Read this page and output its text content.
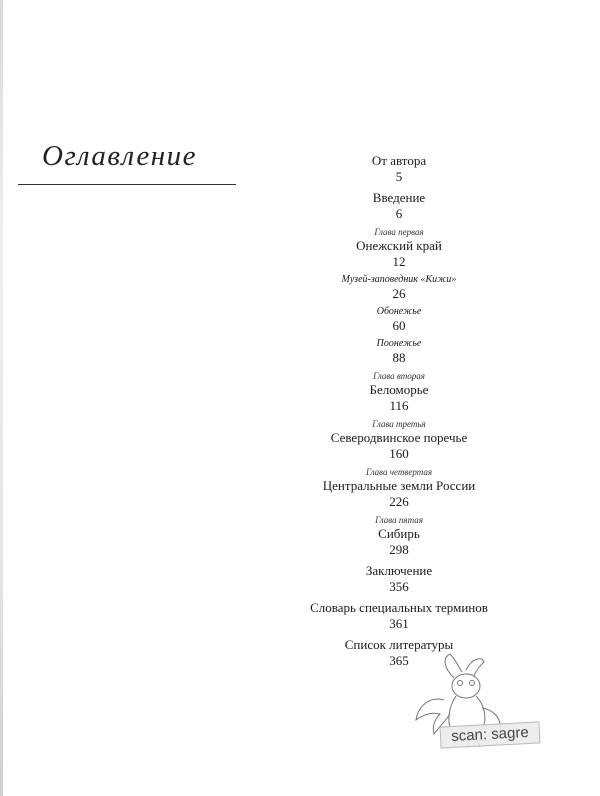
Оглавление	От автора
5
Введение
6
Глава первая
Онежский край
12
Музей-заповедник «Кижи»
26
Обонежье
60
Поонежье
88
Глава вторая
Беломорье
116
Глава третья
Северодвинское поречье
160
Глава четвертая
Центральные земли России
226
Глава пятая
Сибирь
298
Заключение
356
Словарь специальных терминов
361
Список литературы
365
scan: sagre
